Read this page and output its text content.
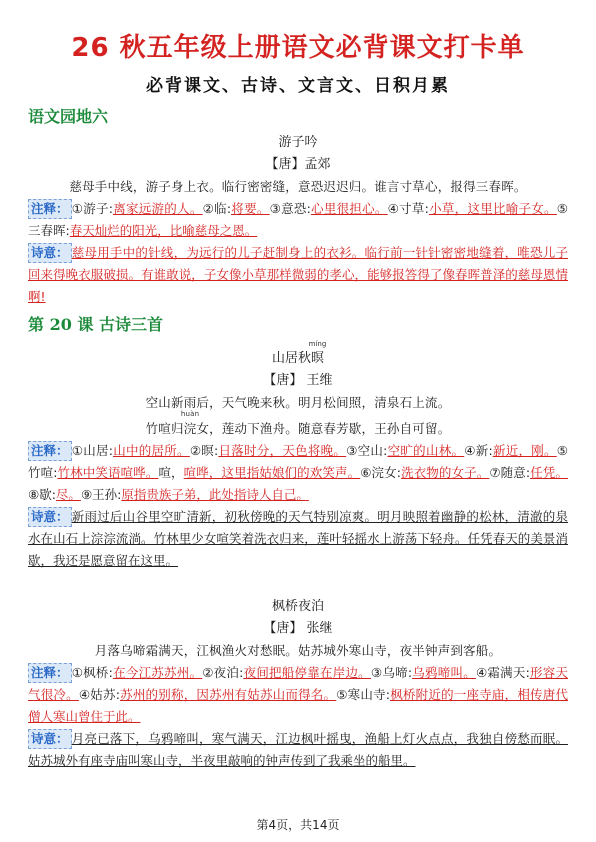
26 秋五年级上册语文必背课文打卡单
必背课文、古诗、文言文、日积月累
语文园地六
游子吟
【唐】孟郊
慈母手中线，游子身上衣。临行密密缝，意恐迟迟归。谁言寸草心，报得三春晖。
注释： ①游子:离家远游的人。②临:将要。③意恐:心里很担心。④寸草:小草，这里比喻子女。⑤三春晖:春天灿烂的阳光，比喻慈母之恩。
诗意： 慈母用手中的针线，为远行的儿子赶制身上的衣衫。临行前一针针密密地缝着，唯恐儿子回来得晚衣服破损。有谁敢说，子女像小草那样微弱的孝心，能够报答得了像春晖普泽的慈母恩情啊!
第 20 课 古诗三首
山居秋
míng
暝
【唐】 王维
空山新雨后，天气晚来秋。明月松间照，清泉石上流。
竹喧归
huàn
浣女，莲动下渔舟。随意春芳歇，王孙自可留。
注释： ①山居:山中的居所。②暝:日落时分，天色将晚。③空山:空旷的山林。④新:新近，刚。⑤竹喧:竹林中笑语喧哗。喧，喧哗，这里指姑娘们的欢笑声。⑥浣女:洗衣物的女子。⑦随意:任凭。⑧歇:尽。⑨王孙:原指贵族子弟，此处指诗人自己。
诗意： 新雨过后山谷里空旷清新，初秋傍晚的天气特别凉爽。明月映照着幽静的松林，清澈的泉水在山石上淙淙流淌。竹林里少女喧笑着洗衣归来，莲叶轻摇水上游荡下轻舟。任凭春天的美景消歇，我还是愿意留在这里。
枫桥夜泊
【唐】 张继
月落乌啼霜满天，江枫渔火对愁眠。姑苏城外寒山寺，夜半钟声到客船。
注释： ①枫桥:在今江苏苏州。②夜泊:夜间把船停靠在岸边。③乌啼:乌鸦啼叫。④霜满天:形容天气很冷。④姑苏:苏州的别称，因苏州有姑苏山而得名。⑤寒山寺:枫桥附近的一座寺庙，相传唐代僧人寒山曾住于此。
诗意： 月亮已落下，乌鸦啼叫，寒气满天，江边枫叶摇曳，渔船上灯火点点，我独自傍愁而眠。姑苏城外有座寺庙叫寒山寺，半夜里敲响的钟声传到了我乘坐的船里。
第4页，共14页
